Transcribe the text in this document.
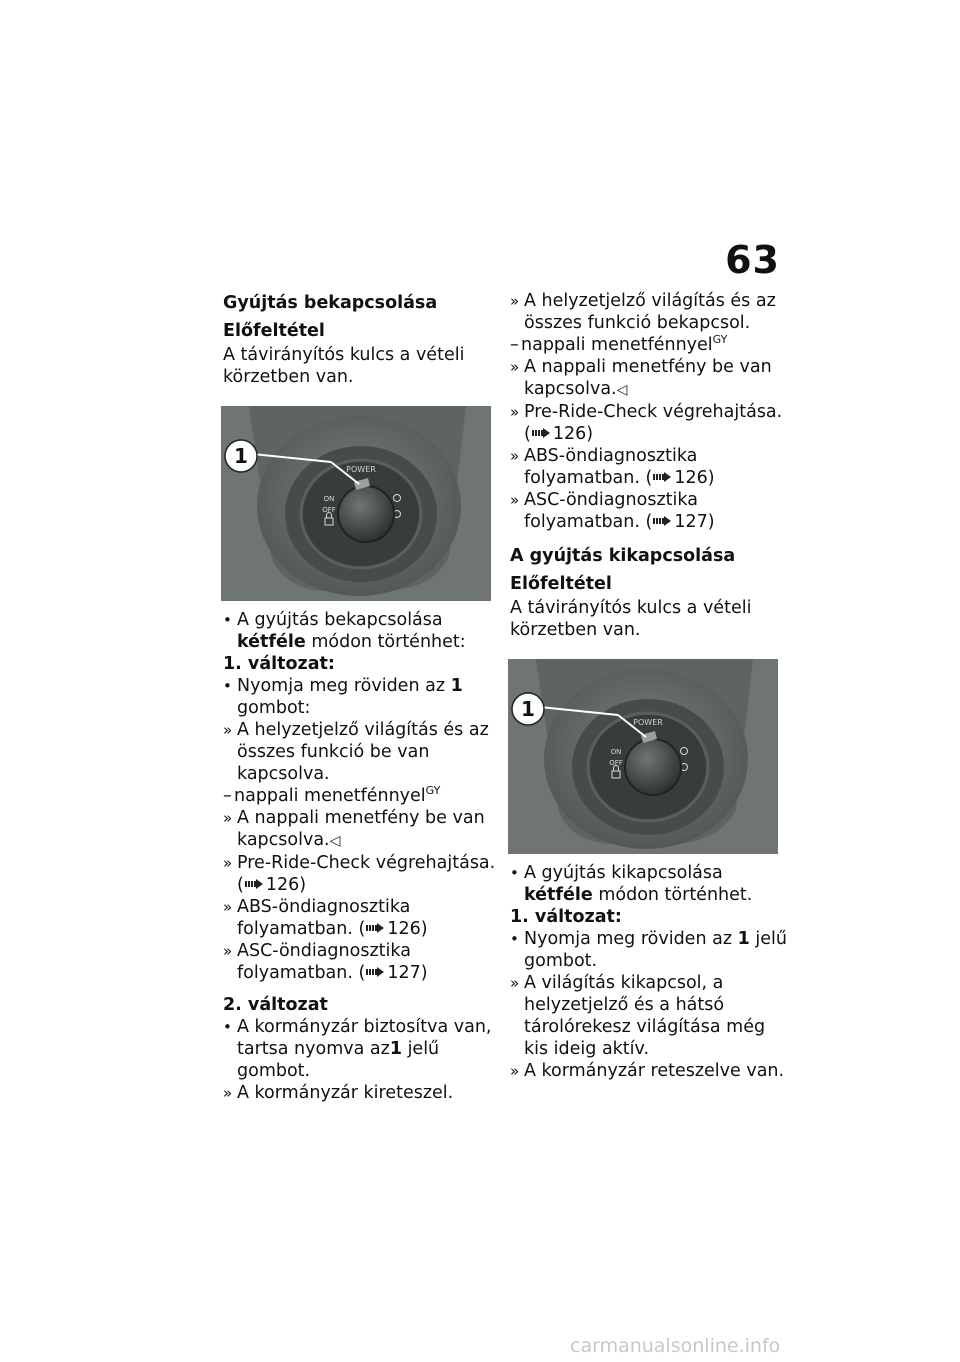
63
Gyújtás bekapcsolása
Előfeltétel
A távirányítós kulcs a vételi körzetben van.
POWER
ON
OFF
1
•
A gyújtás bekapcsolása kétféle módon történhet:
1. változat:
•
Nyomja meg röviden az 1 gombot:
»
A helyzetjelző világítás és az összes funkció be van kapcsolva.
– nappali menetfénnyel$^{GY}$
»
A nappali menetfény be van kapcsolva.◁
»
Pre-Ride-Check végrehajtása. ( 126)
»
ABS-öndiagnosztika folyamatban. ( 126)
»
ASC-öndiagnosztika folyamatban. ( 127)
2. változat
•
A kormányzár biztosítva van, tartsa nyomva az1 jelű gombot.
»
A kormányzár kireteszel.
»
A helyzetjelző világítás és az összes funkció bekapcsol.
– nappali menetfénnyel$^{GY}$
»
A nappali menetfény be van kapcsolva.◁
»
Pre-Ride-Check végrehajtása. ( 126)
»
ABS-öndiagnosztika folyamatban. ( 126)
»
ASC-öndiagnosztika folyamatban. ( 127)
A gyújtás kikapcsolása
Előfeltétel
A távirányítós kulcs a vételi körzetben van.
POWER
ON
OFF
1
•
A gyújtás kikapcsolása kétféle módon történhet.
1. változat:
•
Nyomja meg röviden az 1 jelű gombot.
»
A világítás kikapcsol, a helyzetjelző és a hátsó tárolórekesz világítása még kis ideig aktív.
»
A kormányzár reteszelve van.
carmanualsonline.info
